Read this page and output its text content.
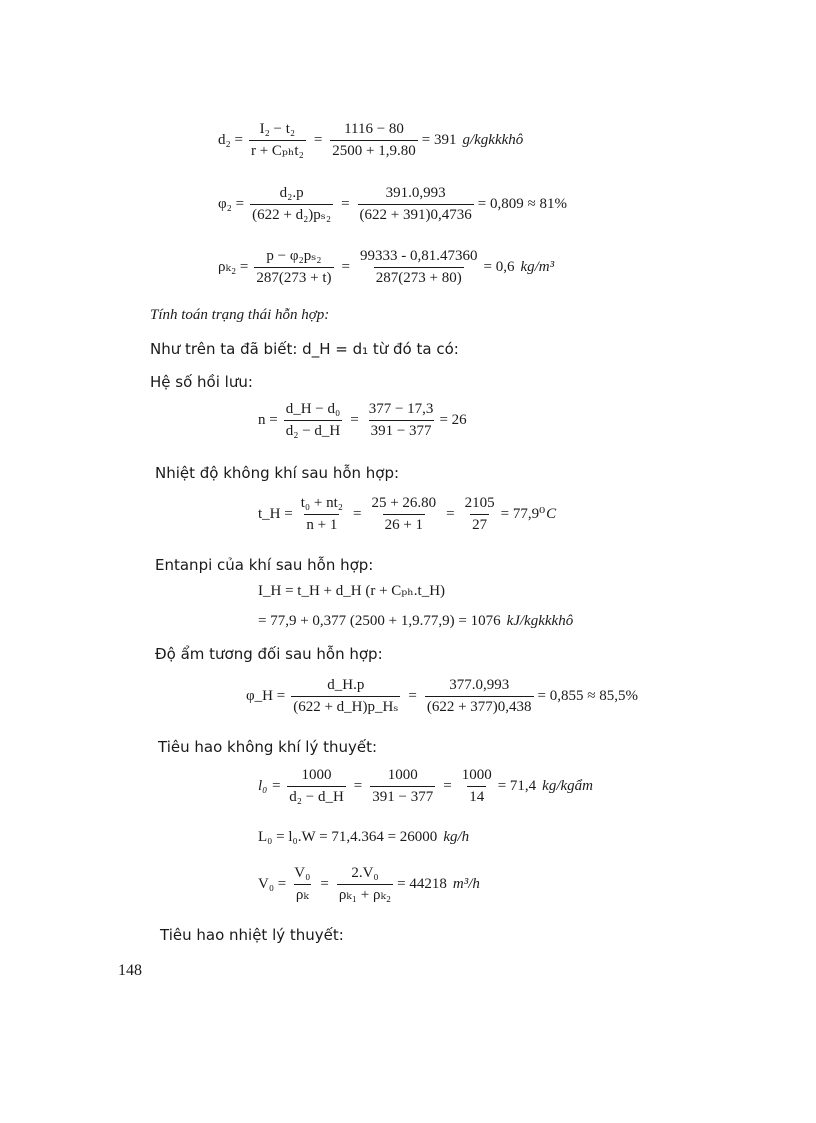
$d_2 = \frac{\text{I₂ − t₂}}{\text{r + Cₚₕt₂}} = \frac{1116 - 80}{2500 + 1,9.80} = 391$ g/kgkkkhô
$\varphi_2 = \frac{\text{d₂.p}}{\text{(622 + d₂)pₛ₂}} = \frac{391.0,993}{(622 + 391)0,4736} = 0,809 \approx 81\%$
$\rho_{k2} = \frac{\text{p − φ₂pₛ₂}}{287(273 + t)} = \frac{99333 - 0,81.47360}{287(273 + 80)} = 0,6$ kg/m³
Tính toán trạng thái hỗn hợp:
Như trên ta đã biết: d_H = d₁ từ đó ta có:
Hệ số hồi lưu:
$n = \frac{\text{d\_H − d₀}}{\text{d₂ − d\_H}} = \frac{377 - 17,3}{391 - 377} = 26$
Nhiệt độ không khí sau hỗn hợp:
t_H = $\frac{\text{t₀ + nt₂}}{n + 1} = \frac{25 + 26.80}{26 + 1} = \frac{2105}{27} = 77,9^0$ C
Entanpi của khí sau hỗn hợp:
I_H = t_H + d_H (r + Cₚₕ.t_H)
= 77,9 + 0,377 (2500 + 1,9.77,9) = 1076 kJ/kgkkkhô
Độ ẩm tương đối sau hỗn hợp:
φ_H = $\frac{d\_H.p}{\text{(622 + d\_H)p\_Hₛ}} = \frac{377.0,993}{(622 + 377)0,438} = 0,855 \approx 85,5\%$
Tiêu hao không khí lý thuyết:
$l_0 = \frac{1000}{\text{d₂ − d\_H}} = \frac{1000}{391 - 377} = \frac{1000}{14} = 71,4$ kg/kgẩm
L₀ = l₀.W = 71,4.364 = 26000 kg/h
$V_0 = \frac{\text{V₀}}{\text{ρₖ}} = \frac{\text{2.V₀}}{\text{ρₖ₁ + ρₖ₂}} = 44218$ m³/h
Tiêu hao nhiệt lý thuyết:
148
